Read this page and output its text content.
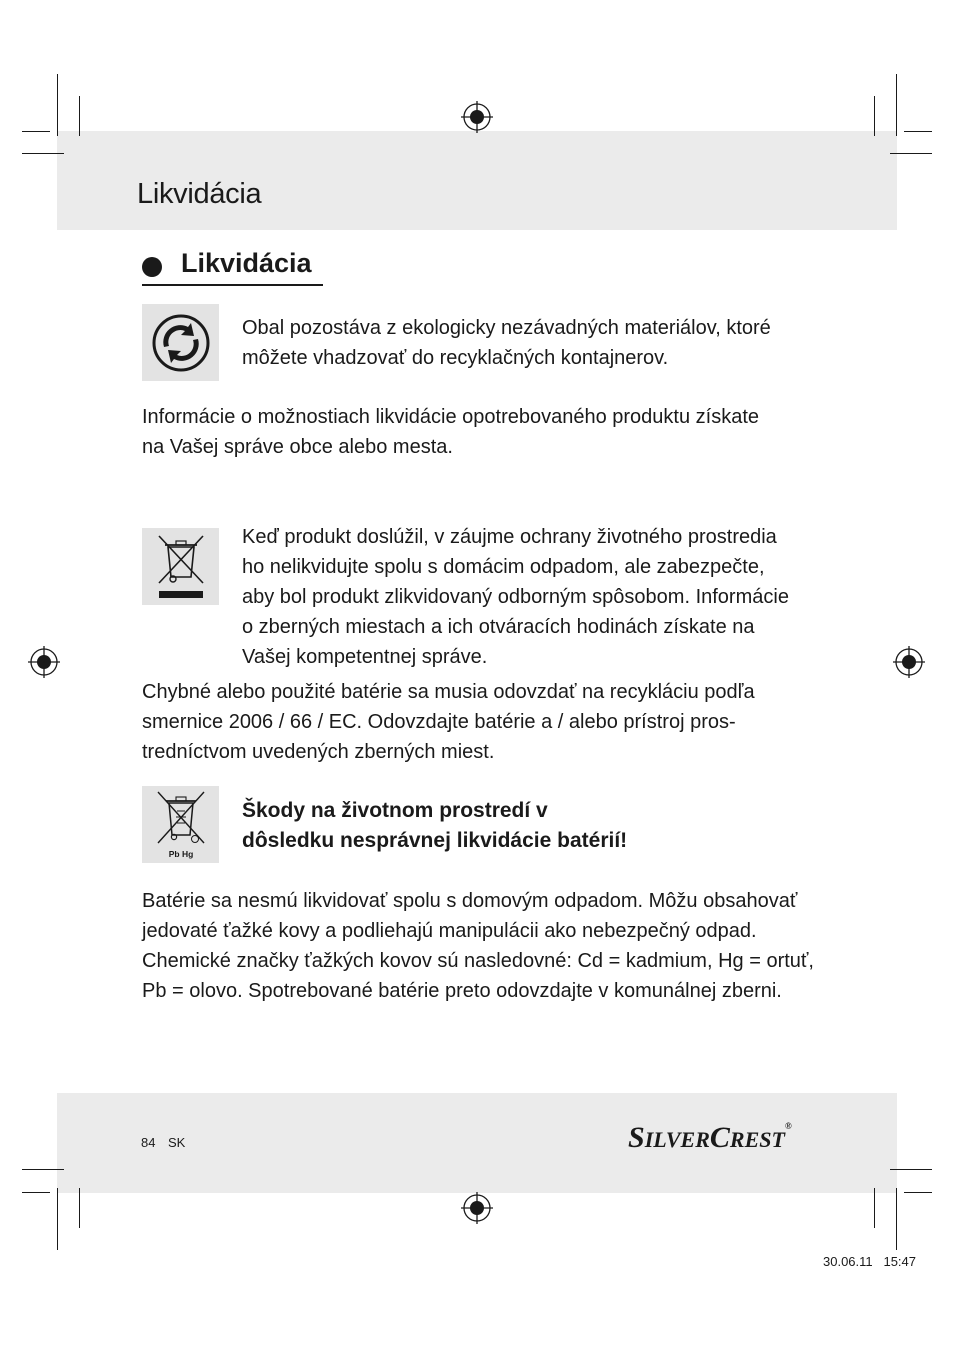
Likvidácia
Likvidácia

Obal pozostáva z ekologicky nezávadných materiálov, ktoré
môžete vhadzovať do recyklačných kontajnerov.

Informácie o možnostiach likvidácie opotrebovaného produktu získate
na Vašej správe obce alebo mesta.

Keď produkt doslúžil, v záujme ochrany životného prostredia
ho nelikvidujte spolu s domácim odpadom, ale zabezpečte,
aby bol produkt zlikvidovaný odborným spôsobom. Informácie
o zberných miestach a ich otváracích hodinách získate na
Vašej kompetentnej správe.

Chybné alebo použité batérie sa musia odovzdať na recykláciu podľa
smernice 2006 / 66 / EC. Odovzdajte batérie a / alebo prístroj pros-
tredníctvom uvedených zberných miest.

Pb Hg

Škody na životnom prostredí v
dôsledku nesprávnej likvidácie batérií!

Batérie sa nesmú likvidovať spolu s domovým odpadom. Môžu obsahovať
jedovaté ťažké kovy a podliehajú manipulácii ako nebezpečný odpad.
Chemické značky ťažkých kovov sú nasledovné: Cd = kadmium, Hg = ortuť,
Pb = olovo. Spotrebované batérie preto odovzdajte v komunálnej zberni.

84 SK	SILVERCREST®
30.06.11   15:47
